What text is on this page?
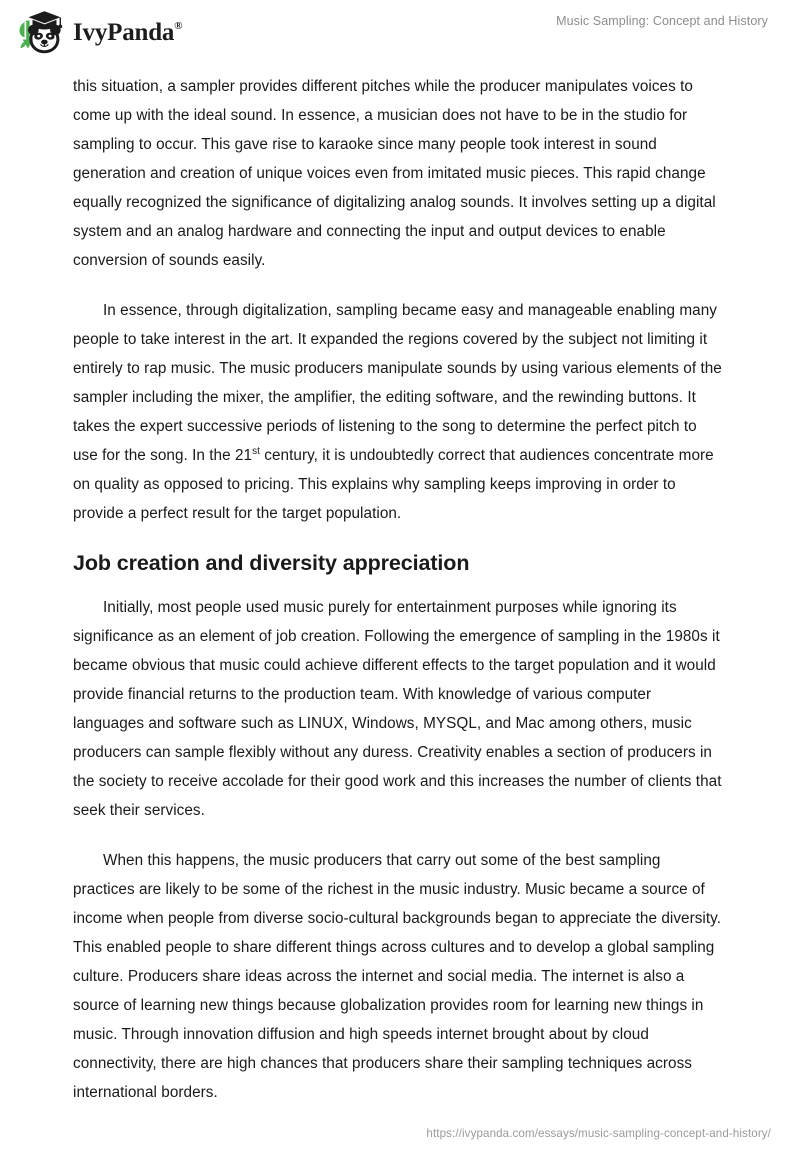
IvyPanda®	Music Sampling: Concept and History

this situation, a sampler provides different pitches while the producer manipulates voices to come up with the ideal sound. In essence, a musician does not have to be in the studio for sampling to occur. This gave rise to karaoke since many people took interest in sound generation and creation of unique voices even from imitated music pieces. This rapid change equally recognized the significance of digitalizing analog sounds. It involves setting up a digital system and an analog hardware and connecting the input and output devices to enable conversion of sounds easily.

In essence, through digitalization, sampling became easy and manageable enabling many people to take interest in the art. It expanded the regions covered by the subject not limiting it entirely to rap music. The music producers manipulate sounds by using various elements of the sampler including the mixer, the amplifier, the editing software, and the rewinding buttons. It takes the expert successive periods of listening to the song to determine the perfect pitch to use for the song. In the 21st century, it is undoubtedly correct that audiences concentrate more on quality as opposed to pricing. This explains why sampling keeps improving in order to provide a perfect result for the target population.

Job creation and diversity appreciation

Initially, most people used music purely for entertainment purposes while ignoring its significance as an element of job creation. Following the emergence of sampling in the 1980s it became obvious that music could achieve different effects to the target population and it would provide financial returns to the production team. With knowledge of various computer languages and software such as LINUX, Windows, MYSQL, and Mac among others, music producers can sample flexibly without any duress. Creativity enables a section of producers in the society to receive accolade for their good work and this increases the number of clients that seek their services.

When this happens, the music producers that carry out some of the best sampling practices are likely to be some of the richest in the music industry. Music became a source of income when people from diverse socio-cultural backgrounds began to appreciate the diversity. This enabled people to share different things across cultures and to develop a global sampling culture. Producers share ideas across the internet and social media. The internet is also a source of learning new things because globalization provides room for learning new things in music. Through innovation diffusion and high speeds internet brought about by cloud connectivity, there are high chances that producers share their sampling techniques across international borders.

https://ivypanda.com/essays/music-sampling-concept-and-history/
